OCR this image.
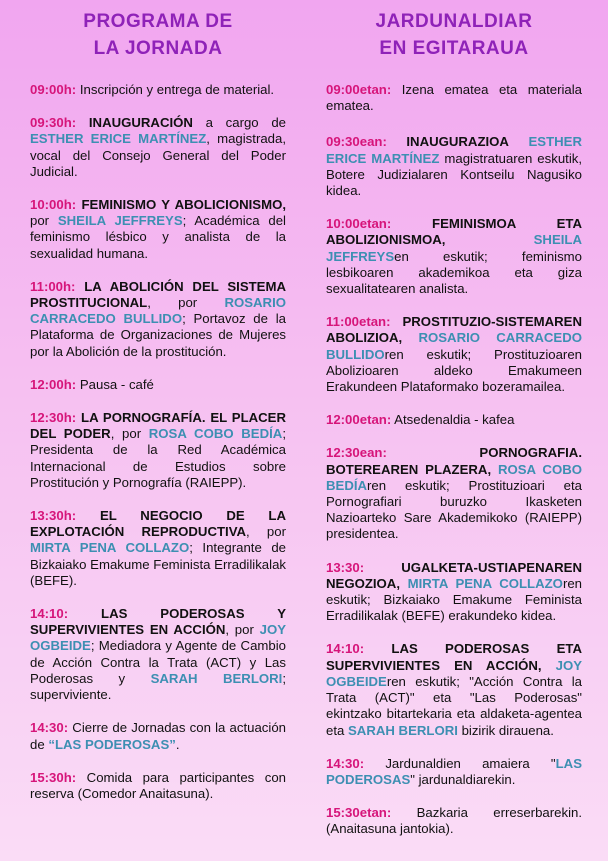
PROGRAMA DE
LA JORNADA
09:00h: Inscripción y entrega de material.
09:30h: INAUGURACIÓN a cargo de ESTHER ERICE MARTÍNEZ, magistrada, vocal del Consejo General del Poder Judicial.
10:00h: FEMINISMO Y ABOLICIONISMO, por SHEILA JEFFREYS; Académica del feminismo lésbico y analista de la sexualidad humana.
11:00h: LA ABOLICIÓN DEL SISTEMA PROSTITUCIONAL, por ROSARIO CARRACEDO BULLIDO; Portavoz de la Plataforma de Organizaciones de Mujeres por la Abolición de la prostitución.
12:00h: Pausa - café
12:30h: LA PORNOGRAFÍA. EL PLACER DEL PODER, por ROSA COBO BEDÍA; Presidenta de la Red Académica Internacional de Estudios sobre Prostitución y Pornografía (RAIEPP).
13:30h: EL NEGOCIO DE LA EXPLOTACIÓN REPRODUCTIVA, por MIRTA PENA COLLAZO; Integrante de Bizkaiako Emakume Feminista Erradilikalak (BEFE).
14:10: LAS PODEROSAS Y SUPERVIVIENTES EN ACCIÓN, por JOY OGBEIDE; Mediadora y Agente de Cambio de Acción Contra la Trata (ACT) y Las Poderosas y SARAH BERLORI; superviviente.
14:30: Cierre de Jornadas con la actuación de “LAS PODEROSAS”.
15:30h: Comida para participantes con reserva (Comedor Anaitasuna).
JARDUNALDIAR
EN EGITARAUA
09:00etan: Izena ematea eta materiala ematea.
09:30ean: INAUGURAZIOA ESTHER ERICE MARTÍNEZ magistratuaren eskutik, Botere Judizialaren Kontseilu Nagusiko kidea.
10:00etan: FEMINISMOA ETA ABOLIZIONISMOA,	SHEILA JEFFREYSen eskutik; feminismo lesbikoaren akademikoa eta giza sexualitatearen analista.
11:00etan: PROSTITUZIO-SISTEMAREN ABOLIZIOA, ROSARIO CARRACEDO BULLIDOren eskutik; Prostituzioaren Abolizioaren aldeko Emakumeen Erakundeen Plataformako bozeramailea.
12:00etan: Atsedenaldia - kafea
12:30ean: PORNOGRAFIA. BOTEREAREN PLAZERA, ROSA COBO BEDÍAren eskutik; Prostituzioari eta Pornografiari buruzko Ikasketen Nazioarteko Sare Akademikoko (RAIEPP) presidentea.
13:30: UGALKETA-USTIAPENAREN NEGOZIOA, MIRTA PENA COLLAZOren eskutik; Bizkaiako Emakume Feminista Erradilikalak (BEFE) erakundeko kidea.
14:10: LAS PODEROSAS ETA SUPERVIVIENTES EN ACCIÓN, JOY OGBEIDEren eskutik; "Acción Contra la Trata (ACT)" eta "Las Poderosas" ekintzako bitartekaria eta aldaketa-agentea eta SARAH BERLORI bizirik dirauena.
14:30: Jardunaldien amaiera "LAS PODEROSAS" jardunaldiarekin.
15:30etan: Bazkaria erreserbarekin. (Anaitasuna jantokia).
